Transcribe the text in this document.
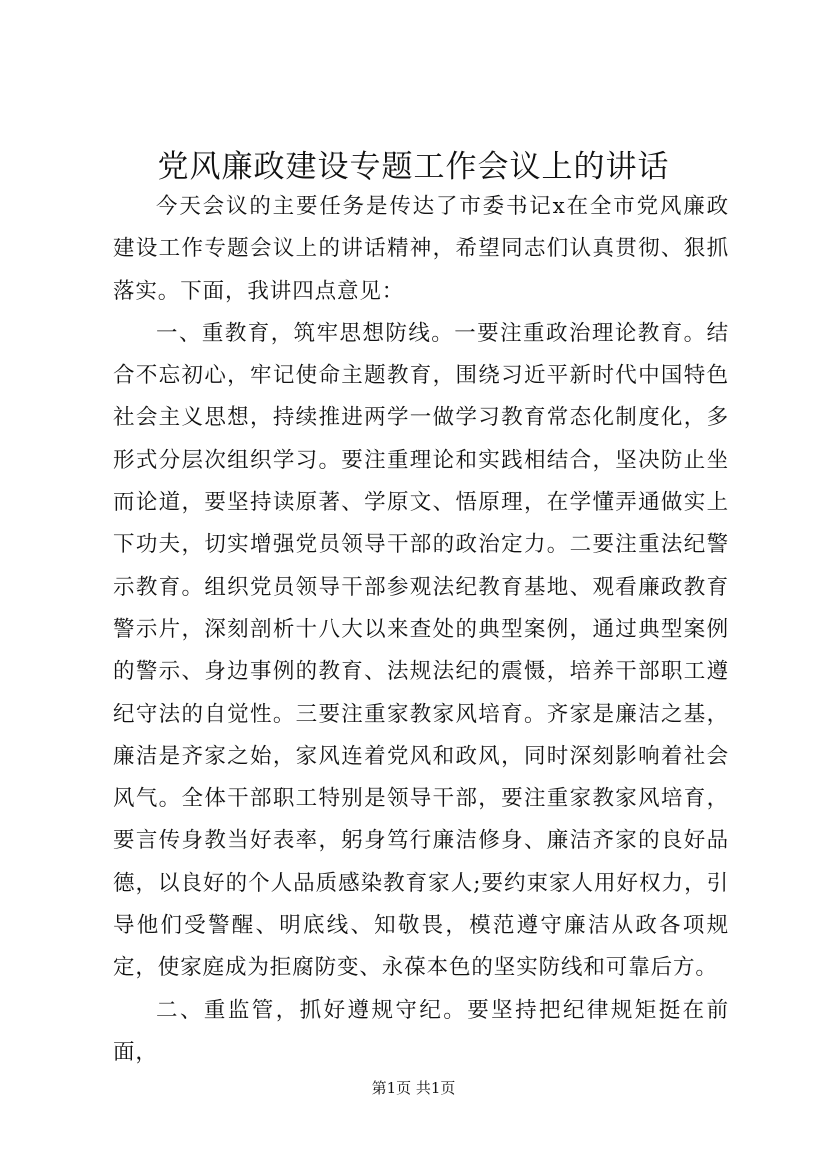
党风廉政建设专题工作会议上的讲话

今天会议的主要任务是传达了市委书记x在全市党风廉政建设工作专题会议上的讲话精神，希望同志们认真贯彻、狠抓落实。下面，我讲四点意见：

一、重教育，筑牢思想防线。一要注重政治理论教育。结合不忘初心，牢记使命主题教育，围绕习近平新时代中国特色社会主义思想，持续推进两学一做学习教育常态化制度化，多形式分层次组织学习。要注重理论和实践相结合，坚决防止坐而论道，要坚持读原著、学原文、悟原理，在学懂弄通做实上下功夫，切实增强党员领导干部的政治定力。二要注重法纪警示教育。组织党员领导干部参观法纪教育基地、观看廉政教育警示片，深刻剖析十八大以来查处的典型案例，通过典型案例的警示、身边事例的教育、法规法纪的震慑，培养干部职工遵纪守法的自觉性。三要注重家教家风培育。齐家是廉洁之基，廉洁是齐家之始，家风连着党风和政风，同时深刻影响着社会风气。全体干部职工特别是领导干部，要注重家教家风培育，要言传身教当好表率，躬身笃行廉洁修身、廉洁齐家的良好品德，以良好的个人品质感染教育家人;要约束家人用好权力，引导他们受警醒、明底线、知敬畏，模范遵守廉洁从政各项规定，使家庭成为拒腐防变、永葆本色的坚实防线和可靠后方。

二、重监管，抓好遵规守纪。要坚持把纪律规矩挺在前面，

第1页 共1页
